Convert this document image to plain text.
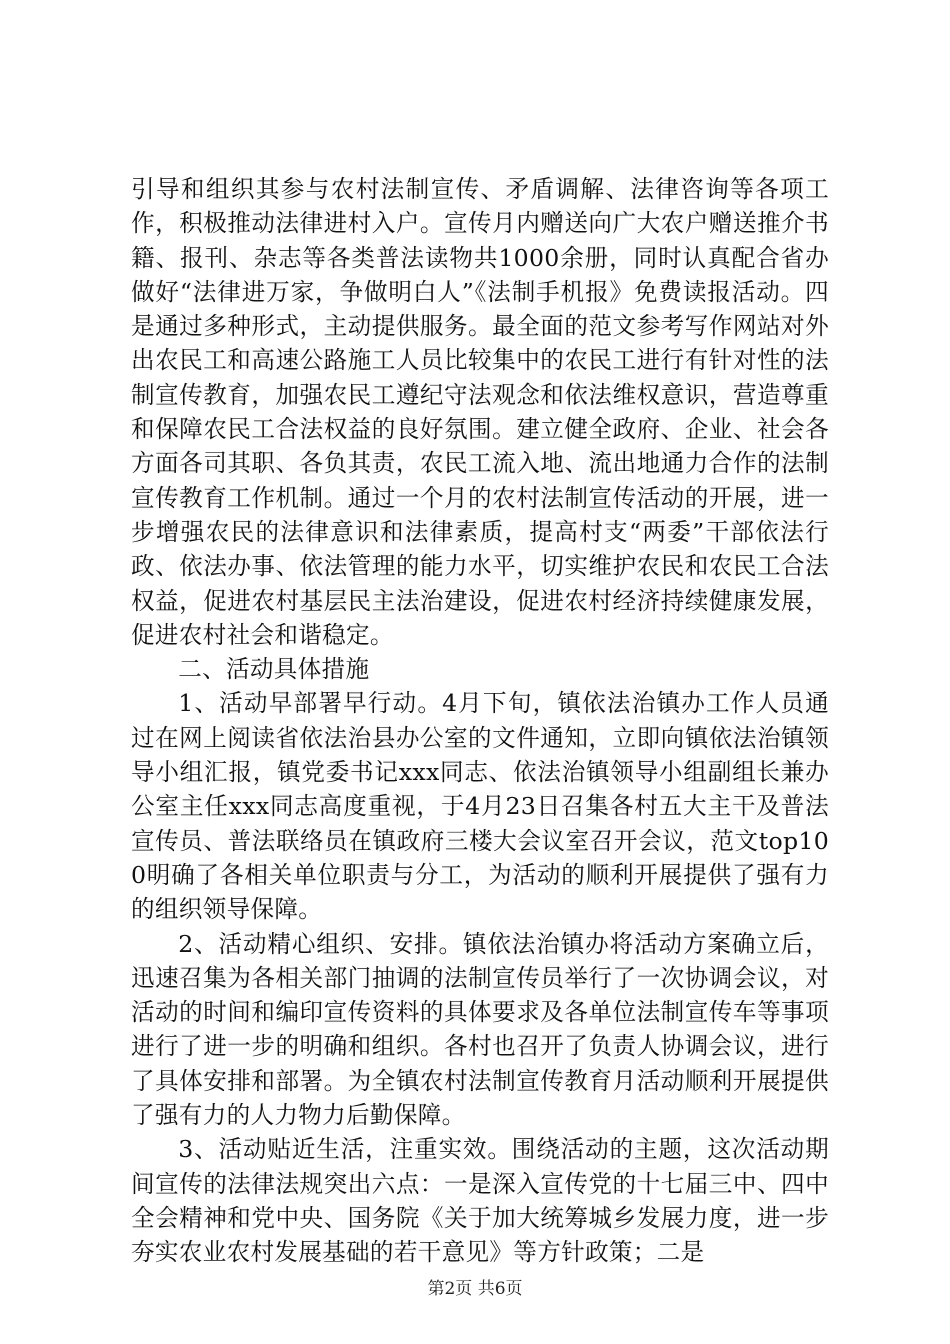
引导和组织其参与农村法制宣传、矛盾调解、法律咨询等各项工作，积极推动法律进村入户。宣传月内赠送向广大农户赠送推介书籍、报刊、杂志等各类普法读物共1000余册，同时认真配合省办做好“法律进万家，争做明白人”《法制手机报》免费读报活动。四是通过多种形式，主动提供服务。最全面的范文参考写作网站对外出农民工和高速公路施工人员比较集中的农民工进行有针对性的法制宣传教育，加强农民工遵纪守法观念和依法维权意识，营造尊重和保障农民工合法权益的良好氛围。建立健全政府、企业、社会各方面各司其职、各负其责，农民工流入地、流出地通力合作的法制宣传教育工作机制。通过一个月的农村法制宣传活动的开展，进一步增强农民的法律意识和法律素质，提高村支“两委”干部依法行政、依法办事、依法管理的能力水平，切实维护农民和农民工合法权益，促进农村基层民主法治建设，促进农村经济持续健康发展，促进农村社会和谐稳定。

二、活动具体措施

1、活动早部署早行动。4月下旬，镇依法治镇办工作人员通过在网上阅读省依法治县办公室的文件通知，立即向镇依法治镇领导小组汇报，镇党委书记xxx同志、依法治镇领导小组副组长兼办公室主任xxx同志高度重视，于4月23日召集各村五大主干及普法宣传员、普法联络员在镇政府三楼大会议室召开会议，范文top100明确了各相关单位职责与分工，为活动的顺利开展提供了强有力的组织领导保障。

2、活动精心组织、安排。镇依法治镇办将活动方案确立后，迅速召集为各相关部门抽调的法制宣传员举行了一次协调会议，对活动的时间和编印宣传资料的具体要求及各单位法制宣传车等事项进行了进一步的明确和组织。各村也召开了负责人协调会议，进行了具体安排和部署。为全镇农村法制宣传教育月活动顺利开展提供了强有力的人力物力后勤保障。

3、活动贴近生活，注重实效。围绕活动的主题，这次活动期间宣传的法律法规突出六点：一是深入宣传党的十七届三中、四中全会精神和党中央、国务院《关于加大统筹城乡发展力度，进一步夯实农业农村发展基础的若干意见》等方针政策；二是

第2页 共6页
